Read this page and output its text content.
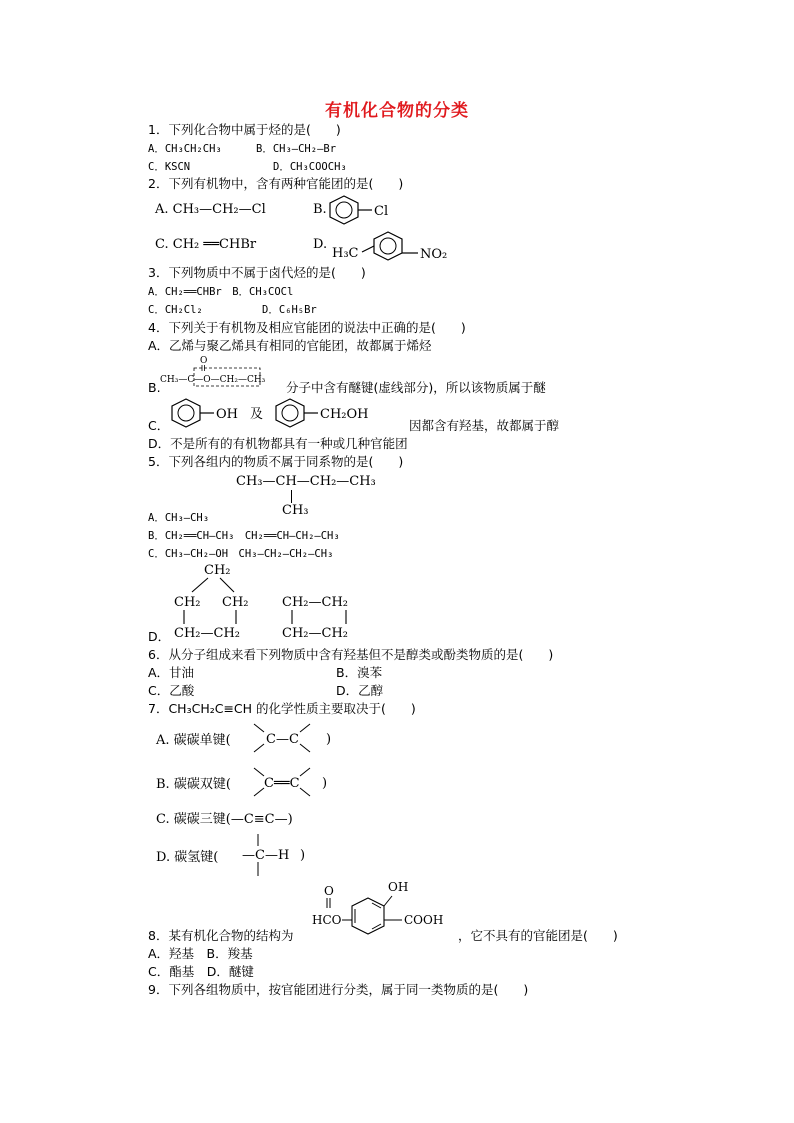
有机化合物的分类
1．下列化合物中属于烃的是(　　)
A．CH₃CH₂CH₃	B．CH₃—CH₂—Br
C．KSCN	D．CH₃COOCH₃
2．下列有机物中，含有两种官能团的是(　　)
A. CH₃—CH₂—Cl	B.	Cl
C. CH₂ ══CHBr	D.
H₃C	NO₂
3．下列物质中不属于卤代烃的是(　　)
A．CH₂══CHBr　B．CH₃COCl
C．CH₂Cl₂	D．C₆H₅Br
4．下列关于有机物及相应官能团的说法中正确的是(　　)
A．乙烯与聚乙烯具有相同的官能团，故都属于烯烃
B.
O
CH₃—C—O—CH₂—CH₃ 分子中含有醚键(虚线部分)，所以该物质属于醚
C．
OH 及	CH₂OH
因都含有羟基，故都属于醇
D．不是所有的有机物都具有一种或几种官能团
5．下列各组内的物质不属于同系物的是(　　)
CH₃—CH—CH₂—CH₃
CH₃
A．CH₃—CH₃
B．CH₂══CH—CH₃　CH₂══CH—CH₂—CH₃
C．CH₃—CH₂—OH　CH₃—CH₂—CH₂—CH₃
CH₂
CH₂ CH₂
CH₂—CH₂
CH₂—CH₂
CH₂—CH₂
D．
6．从分子组成来看下列物质中含有羟基但不是醇类或酚类物质的是(　　)
A．甘油	B．溴苯
C．乙酸	D．乙醇
7．CH₃CH₂C≡CH 的化学性质主要取决于(　　)
A. 碳碳单键(	C—C )
B. 碳碳双键(	C══C )
C. 碳碳三键(—C≡C—)
D. 碳氢键( —C—H )
8．某有机化合物的结构为
O
HCO
OH
COOH
，它不具有的官能团是(　　)
A．羟基　B．羧基
C．酯基　D．醚键
9．下列各组物质中，按官能团进行分类，属于同一类物质的是(　　)
